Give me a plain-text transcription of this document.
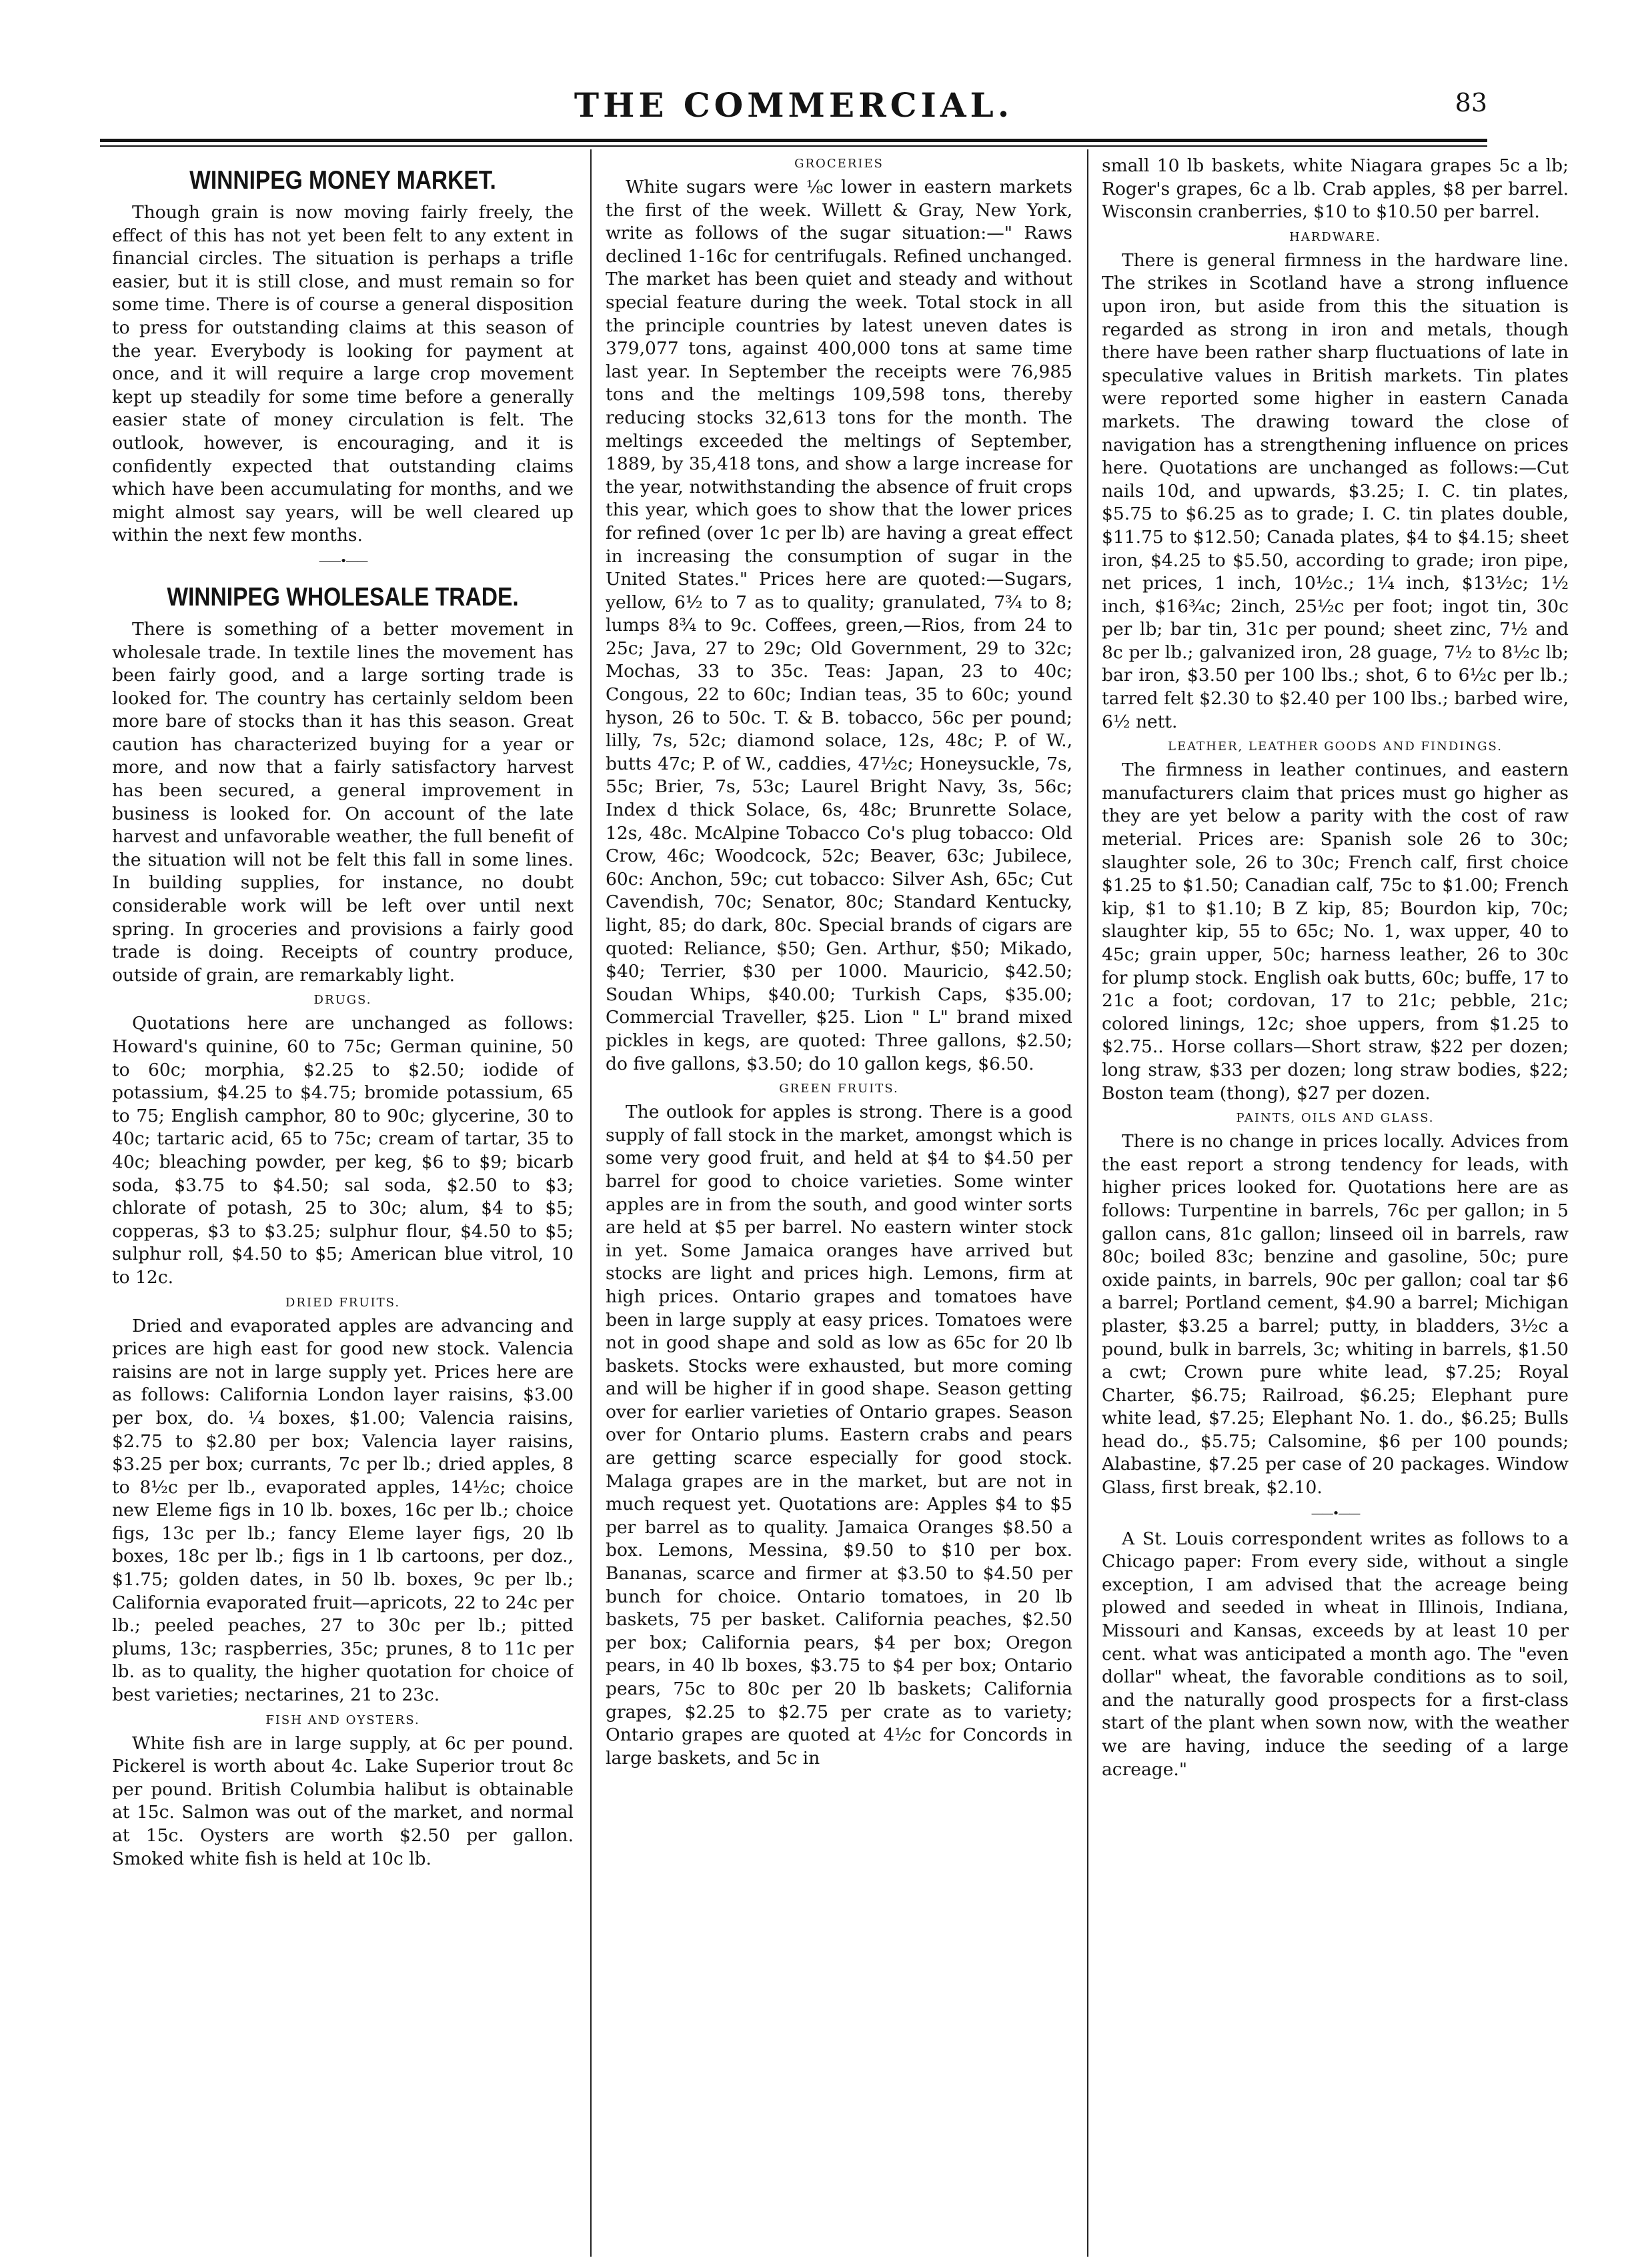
THE COMMERCIAL.	83
WINNIPEG MONEY MARKET.

Though grain is now moving fairly freely, the effect of this has not yet been felt to any extent in financial circles. The situation is perhaps a trifle easier, but it is still close, and must remain so for some time. There is of course a general disposition to press for outstanding claims at this season of the year. Everybody is looking for payment at once, and it will require a large crop movement kept up steadily for some time before a generally easier state of money circulation is felt. The outlook, however, is encouraging, and it is confidently expected that outstanding claims which have been accumulating for months, and we might almost say years, will be well cleared up within the next few months.

——•——
WINNIPEG WHOLESALE TRADE.

There is something of a better movement in wholesale trade. In textile lines the movement has been fairly good, and a large sorting trade is looked for. The country has certainly seldom been more bare of stocks than it has this season. Great caution has characterized buying for a year or more, and now that a fairly satisfactory harvest has been secured, a general improvement in business is looked for. On account of the late harvest and unfavorable weather, the full benefit of the situation will not be felt this fall in some lines. In building supplies, for instance, no doubt considerable work will be left over until next spring. In groceries and provisions a fairly good trade is doing. Receipts of country produce, outside of grain, are remarkably light.

DRUGS.

Quotations here are unchanged as follows: Howard's quinine, 60 to 75c; German quinine, 50 to 60c; morphia, $2.25 to $2.50; iodide of potassium, $4.25 to $4.75; bromide potassium, 65 to 75; English camphor, 80 to 90c; glycerine, 30 to 40c; tartaric acid, 65 to 75c; cream of tartar, 35 to 40c; bleaching powder, per keg, $6 to $9; bicarb soda, $3.75 to $4.50; sal soda, $2.50 to $3; chlorate of potash, 25 to 30c; alum, $4 to $5; copperas, $3 to $3.25; sulphur flour, $4.50 to $5; sulphur roll, $4.50 to $5; American blue vitrol, 10 to 12c.

DRIED FRUITS.

Dried and evaporated apples are advancing and prices are high east for good new stock. Valencia raisins are not in large supply yet. Prices here are as follows: California London layer raisins, $3.00 per box, do. ¼ boxes, $1.00; Valencia raisins, $2.75 to $2.80 per box; Valencia layer raisins, $3.25 per box; currants, 7c per lb.; dried apples, 8 to 8½c per lb., evaporated apples, 14½c; choice new Eleme figs in 10 lb. boxes, 16c per lb.; choice figs, 13c per lb.; fancy Eleme layer figs, 20 lb boxes, 18c per lb.; figs in 1 lb cartoons, per doz., $1.75; golden dates, in 50 lb. boxes, 9c per lb.; California evaporated fruit—apricots, 22 to 24c per lb.; peeled peaches, 27 to 30c per lb.; pitted plums, 13c; raspberries, 35c; prunes, 8 to 11c per lb. as to quality, the higher quotation for choice of best varieties; nectarines, 21 to 23c.

FISH AND OYSTERS.

White fish are in large supply, at 6c per pound. Pickerel is worth about 4c. Lake Superior trout 8c per pound. British Columbia halibut is obtainable at 15c. Salmon was out of the market, and normal at 15c. Oysters are worth $2.50 per gallon. Smoked white fish is held at 10c lb.

GROCERIES

White sugars were ⅛c lower in eastern markets the first of the week. Willett & Gray, New York, write as follows of the sugar situation:—" Raws declined 1-16c for centrifugals. Refined unchanged. The market has been quiet and steady and without special feature during the week. Total stock in all the principle countries by latest uneven dates is 379,077 tons, against 400,000 tons at same time last year. In September the receipts were 76,985 tons and the meltings 109,598 tons, thereby reducing stocks 32,613 tons for the month. The meltings exceeded the meltings of September, 1889, by 35,418 tons, and show a large increase for the year, notwithstanding the absence of fruit crops this year, which goes to show that the lower prices for refined (over 1c per lb) are having a great effect in increasing the consumption of sugar in the United States." Prices here are quoted:—Sugars, yellow, 6½ to 7 as to quality; granulated, 7¾ to 8; lumps 8¾ to 9c. Coffees, green,—Rios, from 24 to 25c; Java, 27 to 29c; Old Government, 29 to 32c; Mochas, 33 to 35c. Teas: Japan, 23 to 40c; Congous, 22 to 60c; Indian teas, 35 to 60c; yound hyson, 26 to 50c. T. & B. tobacco, 56c per pound; lilly, 7s, 52c; diamond solace, 12s, 48c; P. of W., butts 47c; P. of W., caddies, 47½c; Honeysuckle, 7s, 55c; Brier, 7s, 53c; Laurel Bright Navy, 3s, 56c; Index d thick Solace, 6s, 48c; Brunrette Solace, 12s, 48c. McAlpine Tobacco Co's plug tobacco: Old Crow, 46c; Woodcock, 52c; Beaver, 63c; Jubilece, 60c: Anchon, 59c; cut tobacco: Silver Ash, 65c; Cut Cavendish, 70c; Senator, 80c; Standard Kentucky, light, 85; do dark, 80c. Special brands of cigars are quoted: Reliance, $50; Gen. Arthur, $50; Mikado, $40; Terrier, $30 per 1000. Mauricio, $42.50; Soudan Whips, $40.00; Turkish Caps, $35.00; Commercial Traveller, $25. Lion " L" brand mixed pickles in kegs, are quoted: Three gallons, $2.50; do five gallons, $3.50; do 10 gallon kegs, $6.50.

GREEN FRUITS.

The outlook for apples is strong. There is a good supply of fall stock in the market, amongst which is some very good fruit, and held at $4 to $4.50 per barrel for good to choice varieties. Some winter apples are in from the south, and good winter sorts are held at $5 per barrel. No eastern winter stock in yet. Some Jamaica oranges have arrived but stocks are light and prices high. Lemons, firm at high prices. Ontario grapes and tomatoes have been in large supply at easy prices. Tomatoes were not in good shape and sold as low as 65c for 20 lb baskets. Stocks were exhausted, but more coming and will be higher if in good shape. Season getting over for earlier varieties of Ontario grapes. Season over for Ontario plums. Eastern crabs and pears are getting scarce especially for good stock. Malaga grapes are in the market, but are not in much request yet. Quotations are: Apples $4 to $5 per barrel as to quality. Jamaica Oranges $8.50 a box. Lemons, Messina, $9.50 to $10 per box. Bananas, scarce and firmer at $3.50 to $4.50 per bunch for choice. Ontario tomatoes, in 20 lb baskets, 75 per basket. California peaches, $2.50 per box; California pears, $4 per box; Oregon pears, in 40 lb boxes, $3.75 to $4 per box; Ontario pears, 75c to 80c per 20 lb baskets; California grapes, $2.25 to $2.75 per crate as to variety; Ontario grapes are quoted at 4½c for Concords in large baskets, and 5c in

small 10 lb baskets, white Niagara grapes 5c a lb; Roger's grapes, 6c a lb. Crab apples, $8 per barrel. Wisconsin cranberries, $10 to $10.50 per barrel.

HARDWARE.

There is general firmness in the hardware line. The strikes in Scotland have a strong influence upon iron, but aside from this the situation is regarded as strong in iron and metals, though there have been rather sharp fluctuations of late in speculative values in British markets. Tin plates were reported some higher in eastern Canada markets. The drawing toward the close of navigation has a strengthening influence on prices here. Quotations are unchanged as follows:—Cut nails 10d, and upwards, $3.25; I. C. tin plates, $5.75 to $6.25 as to grade; I. C. tin plates double, $11.75 to $12.50; Canada plates, $4 to $4.15; sheet iron, $4.25 to $5.50, according to grade; iron pipe, net prices, 1 inch, 10½c.; 1¼ inch, $13½c; 1½ inch, $16¾c; 2inch, 25½c per foot; ingot tin, 30c per lb; bar tin, 31c per pound; sheet zinc, 7½ and 8c per lb.; galvanized iron, 28 guage, 7½ to 8½c lb; bar iron, $3.50 per 100 lbs.; shot, 6 to 6½c per lb.; tarred felt $2.30 to $2.40 per 100 lbs.; barbed wire, 6½ nett.

LEATHER, LEATHER GOODS AND FINDINGS.

The firmness in leather continues, and eastern manufacturers claim that prices must go higher as they are yet below a parity with the cost of raw meterial. Prices are: Spanish sole 26 to 30c; slaughter sole, 26 to 30c; French calf, first choice $1.25 to $1.50; Canadian calf, 75c to $1.00; French kip, $1 to $1.10; B Z kip, 85; Bourdon kip, 70c; slaughter kip, 55 to 65c; No. 1, wax upper, 40 to 45c; grain upper, 50c; harness leather, 26 to 30c for plump stock. English oak butts, 60c; buffe, 17 to 21c a foot; cordovan, 17 to 21c; pebble, 21c; colored linings, 12c; shoe uppers, from $1.25 to $2.75.. Horse collars—Short straw, $22 per dozen; long straw, $33 per dozen; long straw bodies, $22; Boston team (thong), $27 per dozen.

PAINTS, OILS AND GLASS.

There is no change in prices locally. Advices from the east report a strong tendency for leads, with higher prices looked for. Quotations here are as follows: Turpentine in barrels, 76c per gallon; in 5 gallon cans, 81c gallon; linseed oil in barrels, raw 80c; boiled 83c; benzine and gasoline, 50c; pure oxide paints, in barrels, 90c per gallon; coal tar $6 a barrel; Portland cement, $4.90 a barrel; Michigan plaster, $3.25 a barrel; putty, in bladders, 3½c a pound, bulk in barrels, 3c; whiting in barrels, $1.50 a cwt; Crown pure white lead, $7.25; Royal Charter, $6.75; Railroad, $6.25; Elephant pure white lead, $7.25; Elephant No. 1. do., $6.25; Bulls head do., $5.75; Calsomine, $6 per 100 pounds; Alabastine, $7.25 per case of 20 packages. Window Glass, first break, $2.10.

——•——

A St. Louis correspondent writes as follows to a Chicago paper: From every side, without a single exception, I am advised that the acreage being plowed and seeded in wheat in Illinois, Indiana, Missouri and Kansas, exceeds by at least 10 per cent. what was anticipated a month ago. The "even dollar" wheat, the favorable conditions as to soil, and the naturally good prospects for a first-class start of the plant when sown now, with the weather we are having, induce the seeding of a large acreage."
